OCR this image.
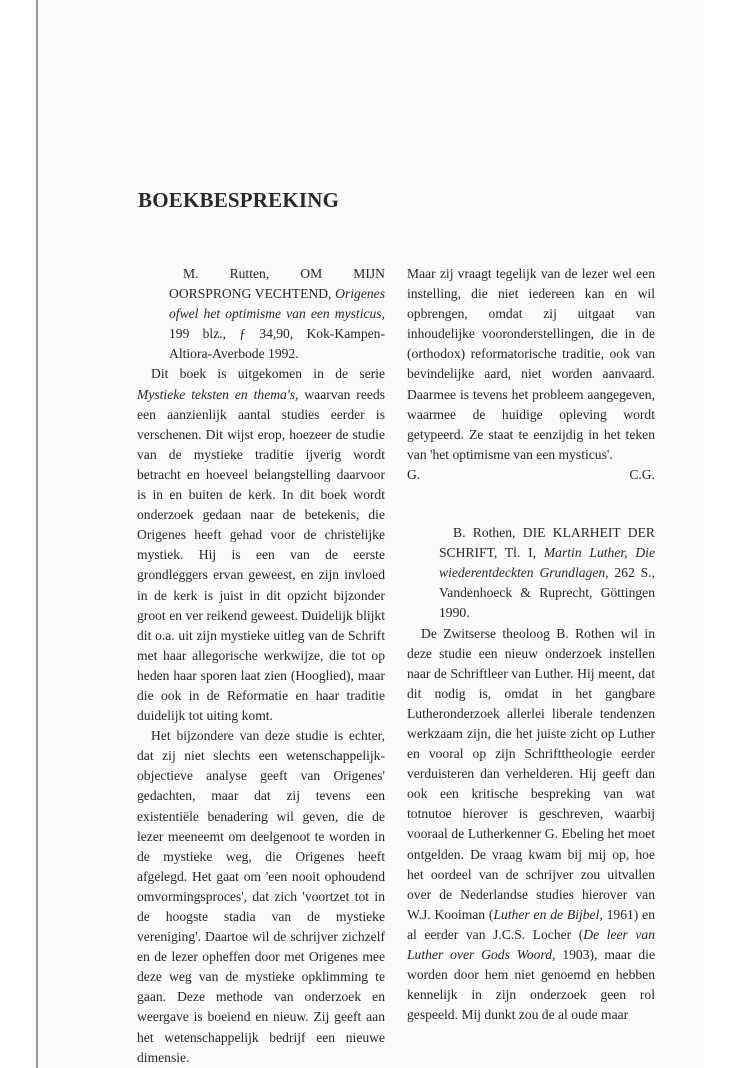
BOEKBESPREKING

M. Rutten, OM MIJN OORSPRONG VECHTEND, Origenes ofwel het optimisme van een mysticus, 199 blz., ƒ 34,90, Kok-Kampen-Altiora-Averbode 1992.

Dit boek is uitgekomen in de serie Mystieke teksten en thema's, waarvan reeds een aanzienlijk aantal studies eerder is verschenen. Dit wijst erop, hoezeer de studie van de mystieke traditie ijverig wordt betracht en hoeveel belangstelling daarvoor is in en buiten de kerk. In dit boek wordt onderzoek gedaan naar de betekenis, die Origenes heeft gehad voor de christelijke mystiek. Hij is een van de eerste grondleggers ervan geweest, en zijn invloed in de kerk is juist in dit opzicht bijzonder groot en ver reikend geweest. Duidelijk blijkt dit o.a. uit zijn mystieke uitleg van de Schrift met haar allegorische werkwijze, die tot op heden haar sporen laat zien (Hooglied), maar die ook in de Reformatie en haar traditie duidelijk tot uiting komt.

Het bijzondere van deze studie is echter, dat zij niet slechts een wetenschappelijk-objectieve analyse geeft van Origenes' gedachten, maar dat zij tevens een existentiële benadering wil geven, die de lezer meeneemt om deelgenoot te worden in de mystieke weg, die Origenes heeft afgelegd. Het gaat om 'een nooit ophoudend omvormingsproces', dat zich 'voortzet tot in de hoogste stadia van de mystieke vereniging'. Daartoe wil de schrijver zichzelf en de lezer opheffen door met Origenes mee deze weg van de mystieke opklimming te gaan. Deze methode van onderzoek en weergave is boeiend en nieuw. Zij geeft aan het wetenschappelijk bedrijf een nieuwe dimensie.

Maar zij vraagt tegelijk van de lezer wel een instelling, die niet iedereen kan en wil opbrengen, omdat zij uitgaat van inhoudelijke vooronderstellingen, die in de (orthodox) reformatorische traditie, ook van bevindelijke aard, niet worden aanvaard. Daarmee is tevens het probleem aangegeven, waarmee de huidige opleving wordt getypeerd. Ze staat te eenzijdig in het teken van 'het optimisme van een mysticus'.

G.	C.G.

B. Rothen, DIE KLARHEIT DER SCHRIFT, Tl. I, Martin Luther, Die wiederentdeckten Grundlagen, 262 S., Vandenhoeck & Ruprecht, Göttingen 1990.

De Zwitserse theoloog B. Rothen wil in deze studie een nieuw onderzoek instellen naar de Schriftleer van Luther. Hij meent, dat dit nodig is, omdat in het gangbare Lutheronderzoek allerlei liberale tendenzen werkzaam zijn, die het juiste zicht op Luther en vooral op zijn Schrifttheologie eerder verduisteren dan verhelderen. Hij geeft dan ook een kritische bespreking van wat totnutoe hierover is geschreven, waarbij vooraal de Lutherkenner G. Ebeling het moet ontgelden. De vraag kwam bij mij op, hoe het oordeel van de schrijver zou uitvallen over de Nederlandse studies hierover van W.J. Kooiman (Luther en de Bijbel, 1961) en al eerder van J.C.S. Locher (De leer van Luther over Gods Woord, 1903), maar die worden door hem niet genoemd en hebben kennelijk in zijn onderzoek geen rol gespeeld. Mij dunkt zou de al oude maar
